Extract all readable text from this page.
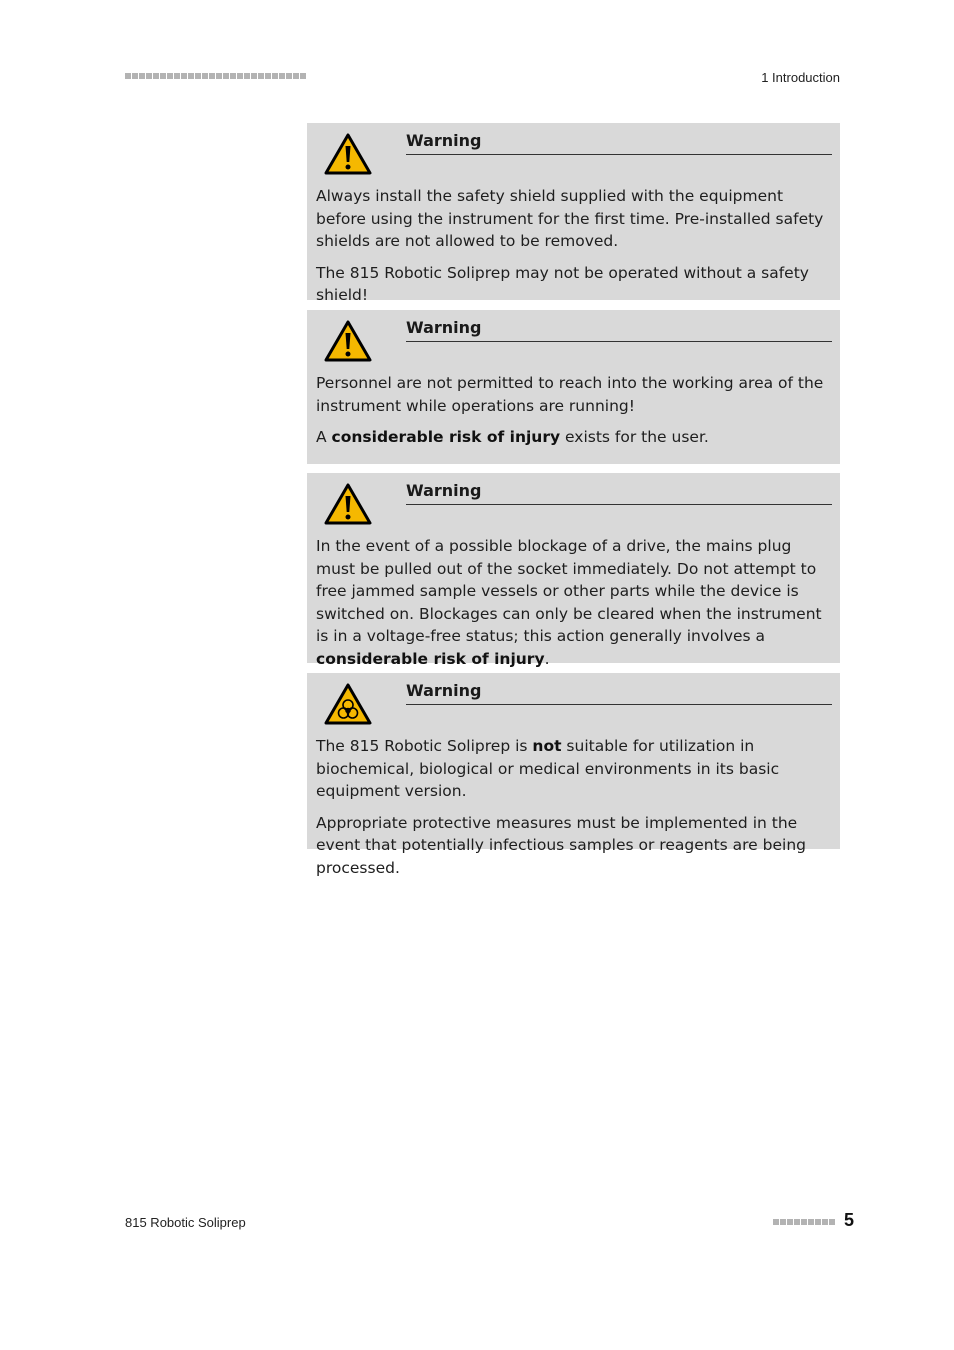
1 Introduction
Warning

Always install the safety shield supplied with the equipment before using the instrument for the first time. Pre-installed safety shields are not allowed to be removed.

The 815 Robotic Soliprep may not be operated without a safety shield!

Warning

Personnel are not permitted to reach into the working area of the instrument while operations are running!

A considerable risk of injury exists for the user.

Warning

In the event of a possible blockage of a drive, the mains plug must be pulled out of the socket immediately. Do not attempt to free jammed sample vessels or other parts while the device is switched on. Blockages can only be cleared when the instrument is in a voltage-free status; this action generally involves a considerable risk of injury.

Warning

The 815 Robotic Soliprep is not suitable for utilization in biochemical, biological or medical environments in its basic equipment version.

Appropriate protective measures must be implemented in the event that potentially infectious samples or reagents are being processed.

815 Robotic Soliprep	5
